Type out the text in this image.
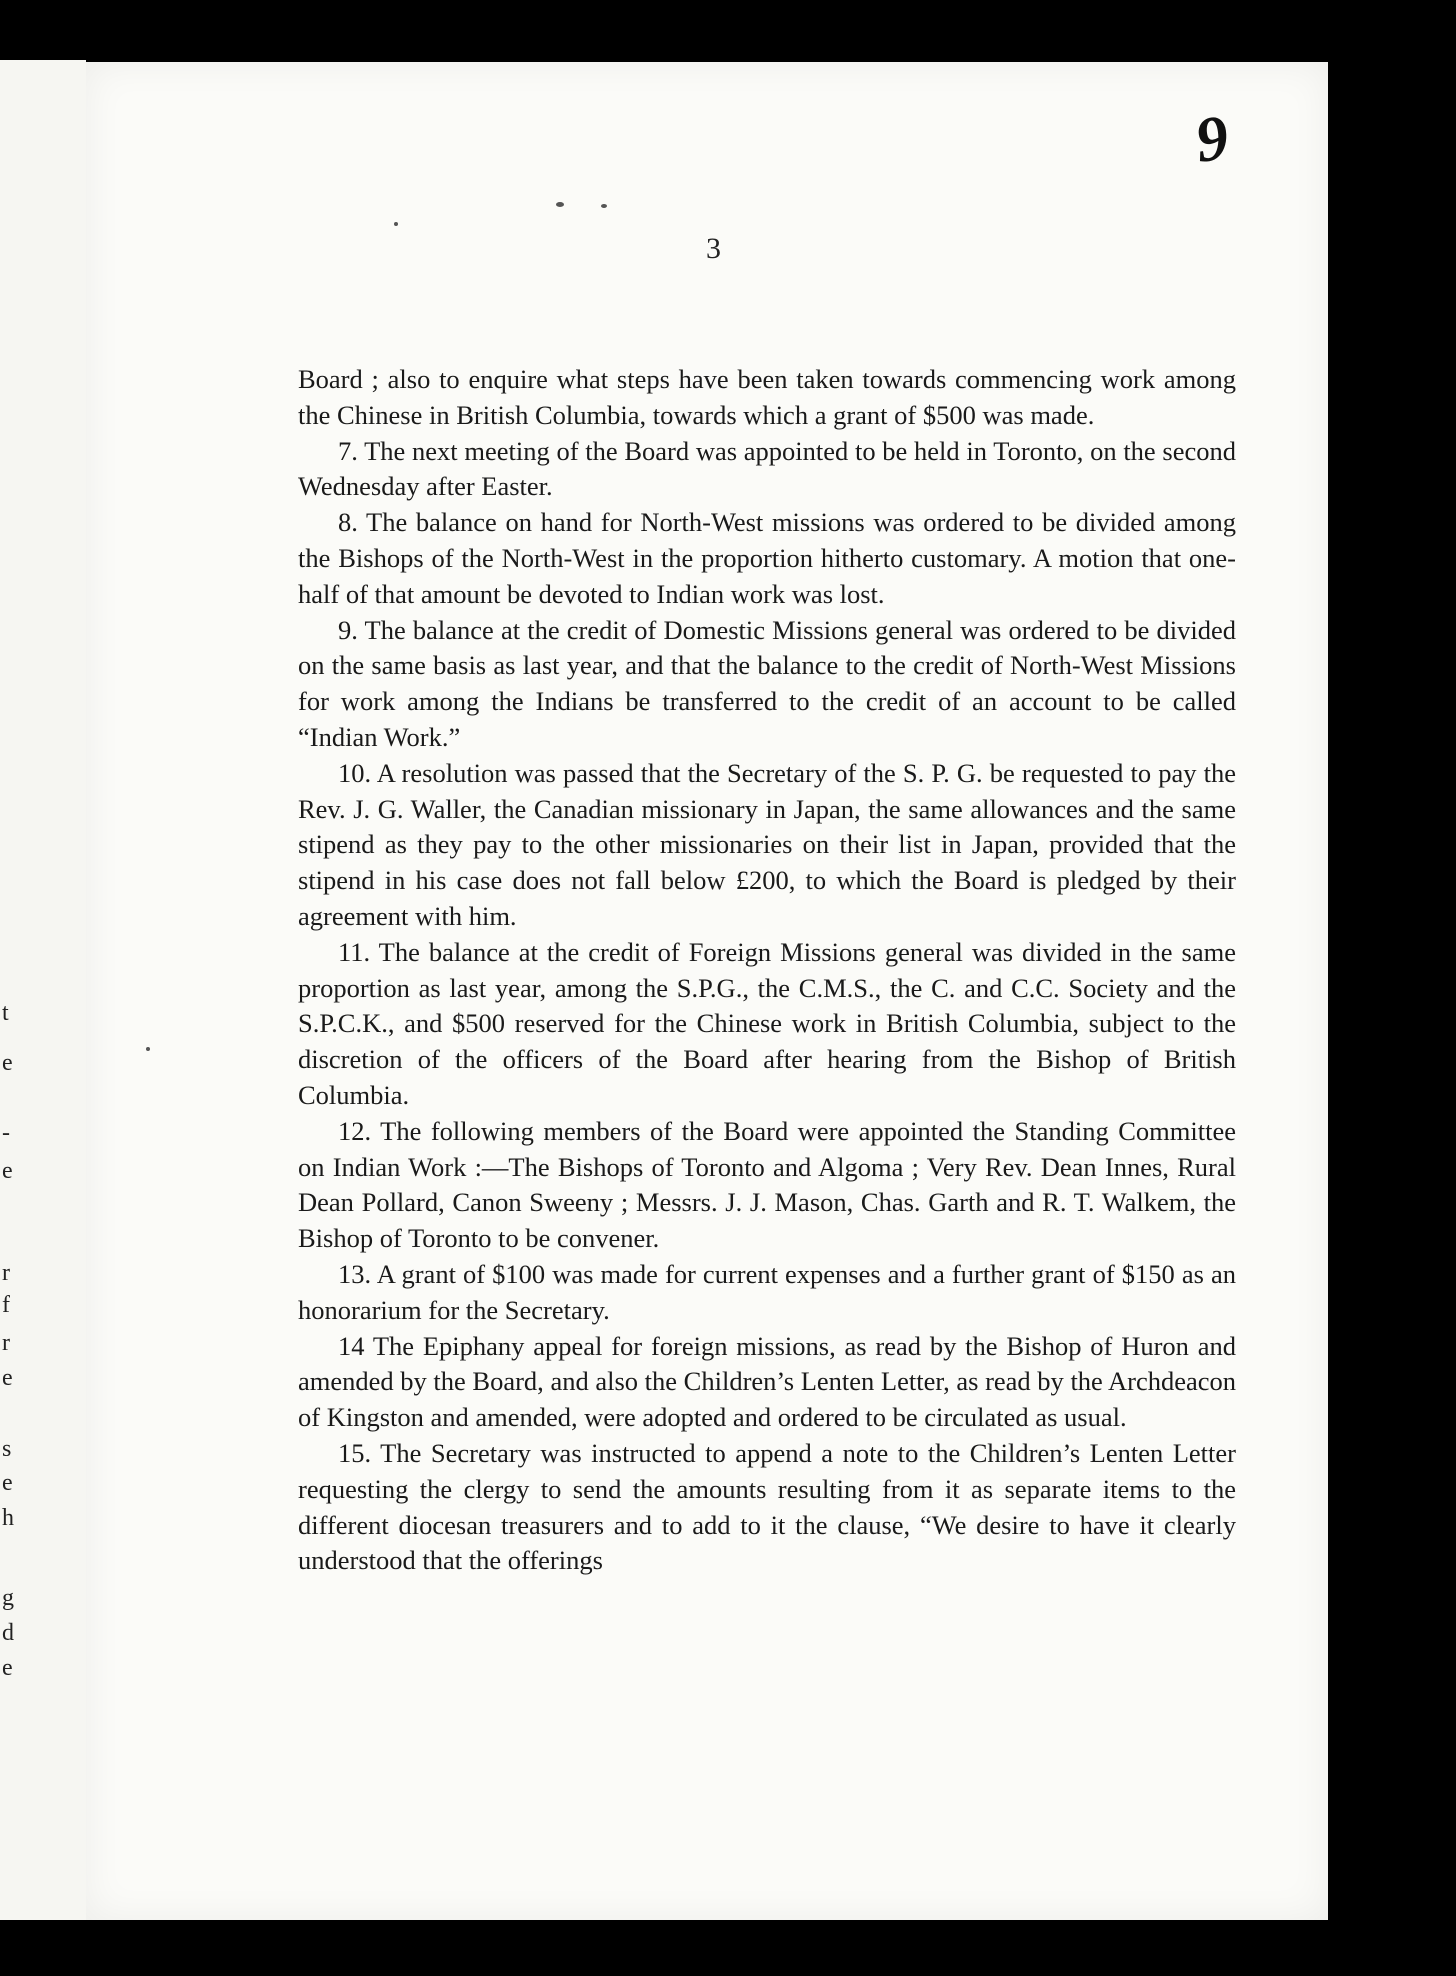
t
e
-
e
r
f
r
e
s
e
h
g
d
e
9
3

Board ; also to enquire what steps have been taken towards commencing work among the Chinese in British Columbia, towards which a grant of $500 was made.

7. The next meeting of the Board was appointed to be held in Toronto, on the second Wednesday after Easter.

8. The balance on hand for North-West missions was ordered to be divided among the Bishops of the North-West in the proportion hitherto customary. A motion that one-half of that amount be devoted to Indian work was lost.

9. The balance at the credit of Domestic Missions general was ordered to be divided on the same basis as last year, and that the balance to the credit of North-West Missions for work among the Indians be transferred to the credit of an account to be called “Indian Work.”

10. A resolution was passed that the Secretary of the S. P. G. be requested to pay the Rev. J. G. Waller, the Canadian missionary in Japan, the same allowances and the same stipend as they pay to the other missionaries on their list in Japan, provided that the stipend in his case does not fall below £200, to which the Board is pledged by their agreement with him.

11. The balance at the credit of Foreign Missions general was divided in the same proportion as last year, among the S.P.G., the C.M.S., the C. and C.C. Society and the S.P.C.K., and $500 reserved for the Chinese work in British Columbia, subject to the discretion of the officers of the Board after hearing from the Bishop of British Columbia.

12. The following members of the Board were appointed the Standing Committee on Indian Work :—The Bishops of Toronto and Algoma ; Very Rev. Dean Innes, Rural Dean Pollard, Canon Sweeny ; Messrs. J. J. Mason, Chas. Garth and R. T. Walkem, the Bishop of Toronto to be convener.

13. A grant of $100 was made for current expenses and a further grant of $150 as an honorarium for the Secretary.

14 The Epiphany appeal for foreign missions, as read by the Bishop of Huron and amended by the Board, and also the Children’s Lenten Letter, as read by the Archdeacon of Kingston and amended, were adopted and ordered to be circulated as usual.

15. The Secretary was instructed to append a note to the Children’s Lenten Letter requesting the clergy to send the amounts resulting from it as separate items to the different diocesan treasurers and to add to it the clause, “We desire to have it clearly understood that the offerings
